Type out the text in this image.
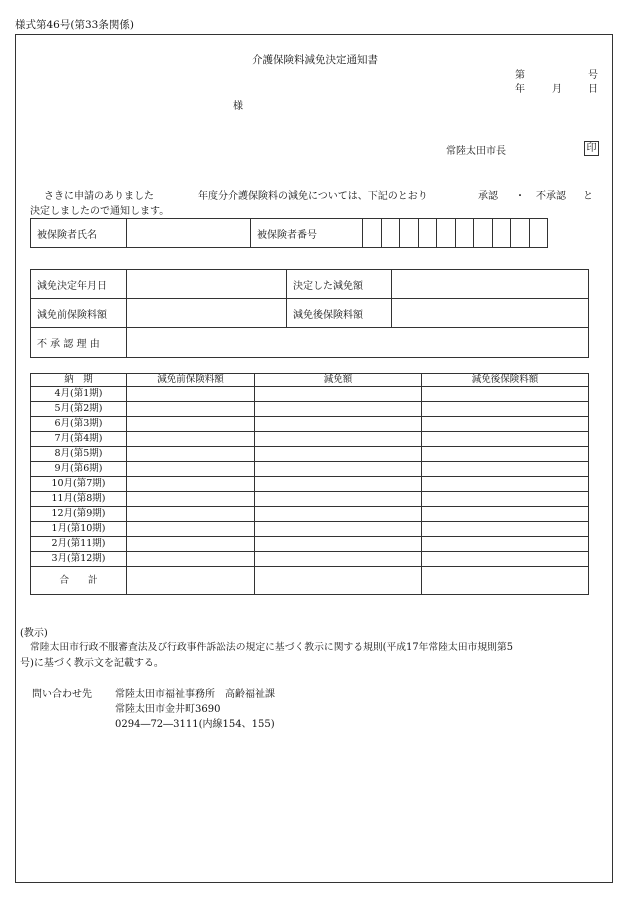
様式第46号(第33条関係)
介護保険料減免決定通知書
第	号
年	月	日
様
常陸太田市長	印
さきに申請のありました	年度分介護保険料の減免については、下記のとおり	承認 ・ 不承認 と
決定しましたので通知します。
被保険者氏名		被保険者番号										
減免決定年月日		決定した減免額	
減免前保険料額		減免後保険料額	
不 承 認 理 由			
納　期	減免前保険料額	減免額	減免後保険料額
4月(第1期)			
5月(第2期)			
6月(第3期)			
7月(第4期)			
8月(第5期)			
9月(第6期)			
10月(第7期)			
11月(第8期)			
12月(第9期)			
1月(第10期)			
2月(第11期)			
3月(第12期)			
合　　計			
(教示)
常陸太田市行政不服審査法及び行政事件訴訟法の規定に基づく教示に関する規則(平成17年常陸太田市規則第5
号)に基づく教示文を記載する。
問い合わせ先 常陸太田市福祉事務所　高齢福祉課
常陸太田市金井町3690
0294―72―3111(内線154、155)
